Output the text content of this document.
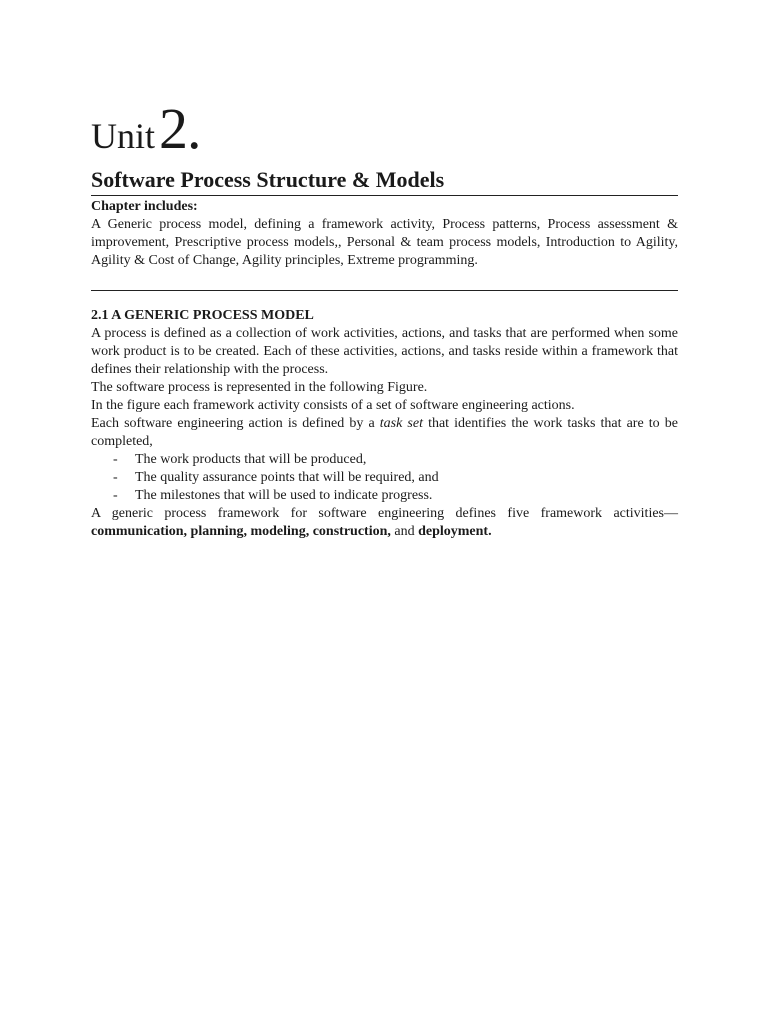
Unit 2.
Software Process Structure & Models
Chapter includes:
A Generic process model, defining a framework activity, Process patterns, Process assessment & improvement, Prescriptive process models,, Personal & team process models, Introduction to Agility, Agility & Cost of Change, Agility principles, Extreme programming.
2.1 A GENERIC PROCESS MODEL
A process is defined as a collection of work activities, actions, and tasks that are performed when some work product is to be created. Each of these activities, actions, and tasks reside within a framework that defines their relationship with the process.
The software process is represented in the following Figure.
In the figure each framework activity consists of a set of software engineering actions.
Each software engineering action is defined by a task set that identifies the work tasks that are to be completed,
- The work products that will be produced,
- The quality assurance points that will be required, and
- The milestones that will be used to indicate progress.
A generic process framework for software engineering defines five framework activities—communication, planning, modeling, construction, and deployment.
